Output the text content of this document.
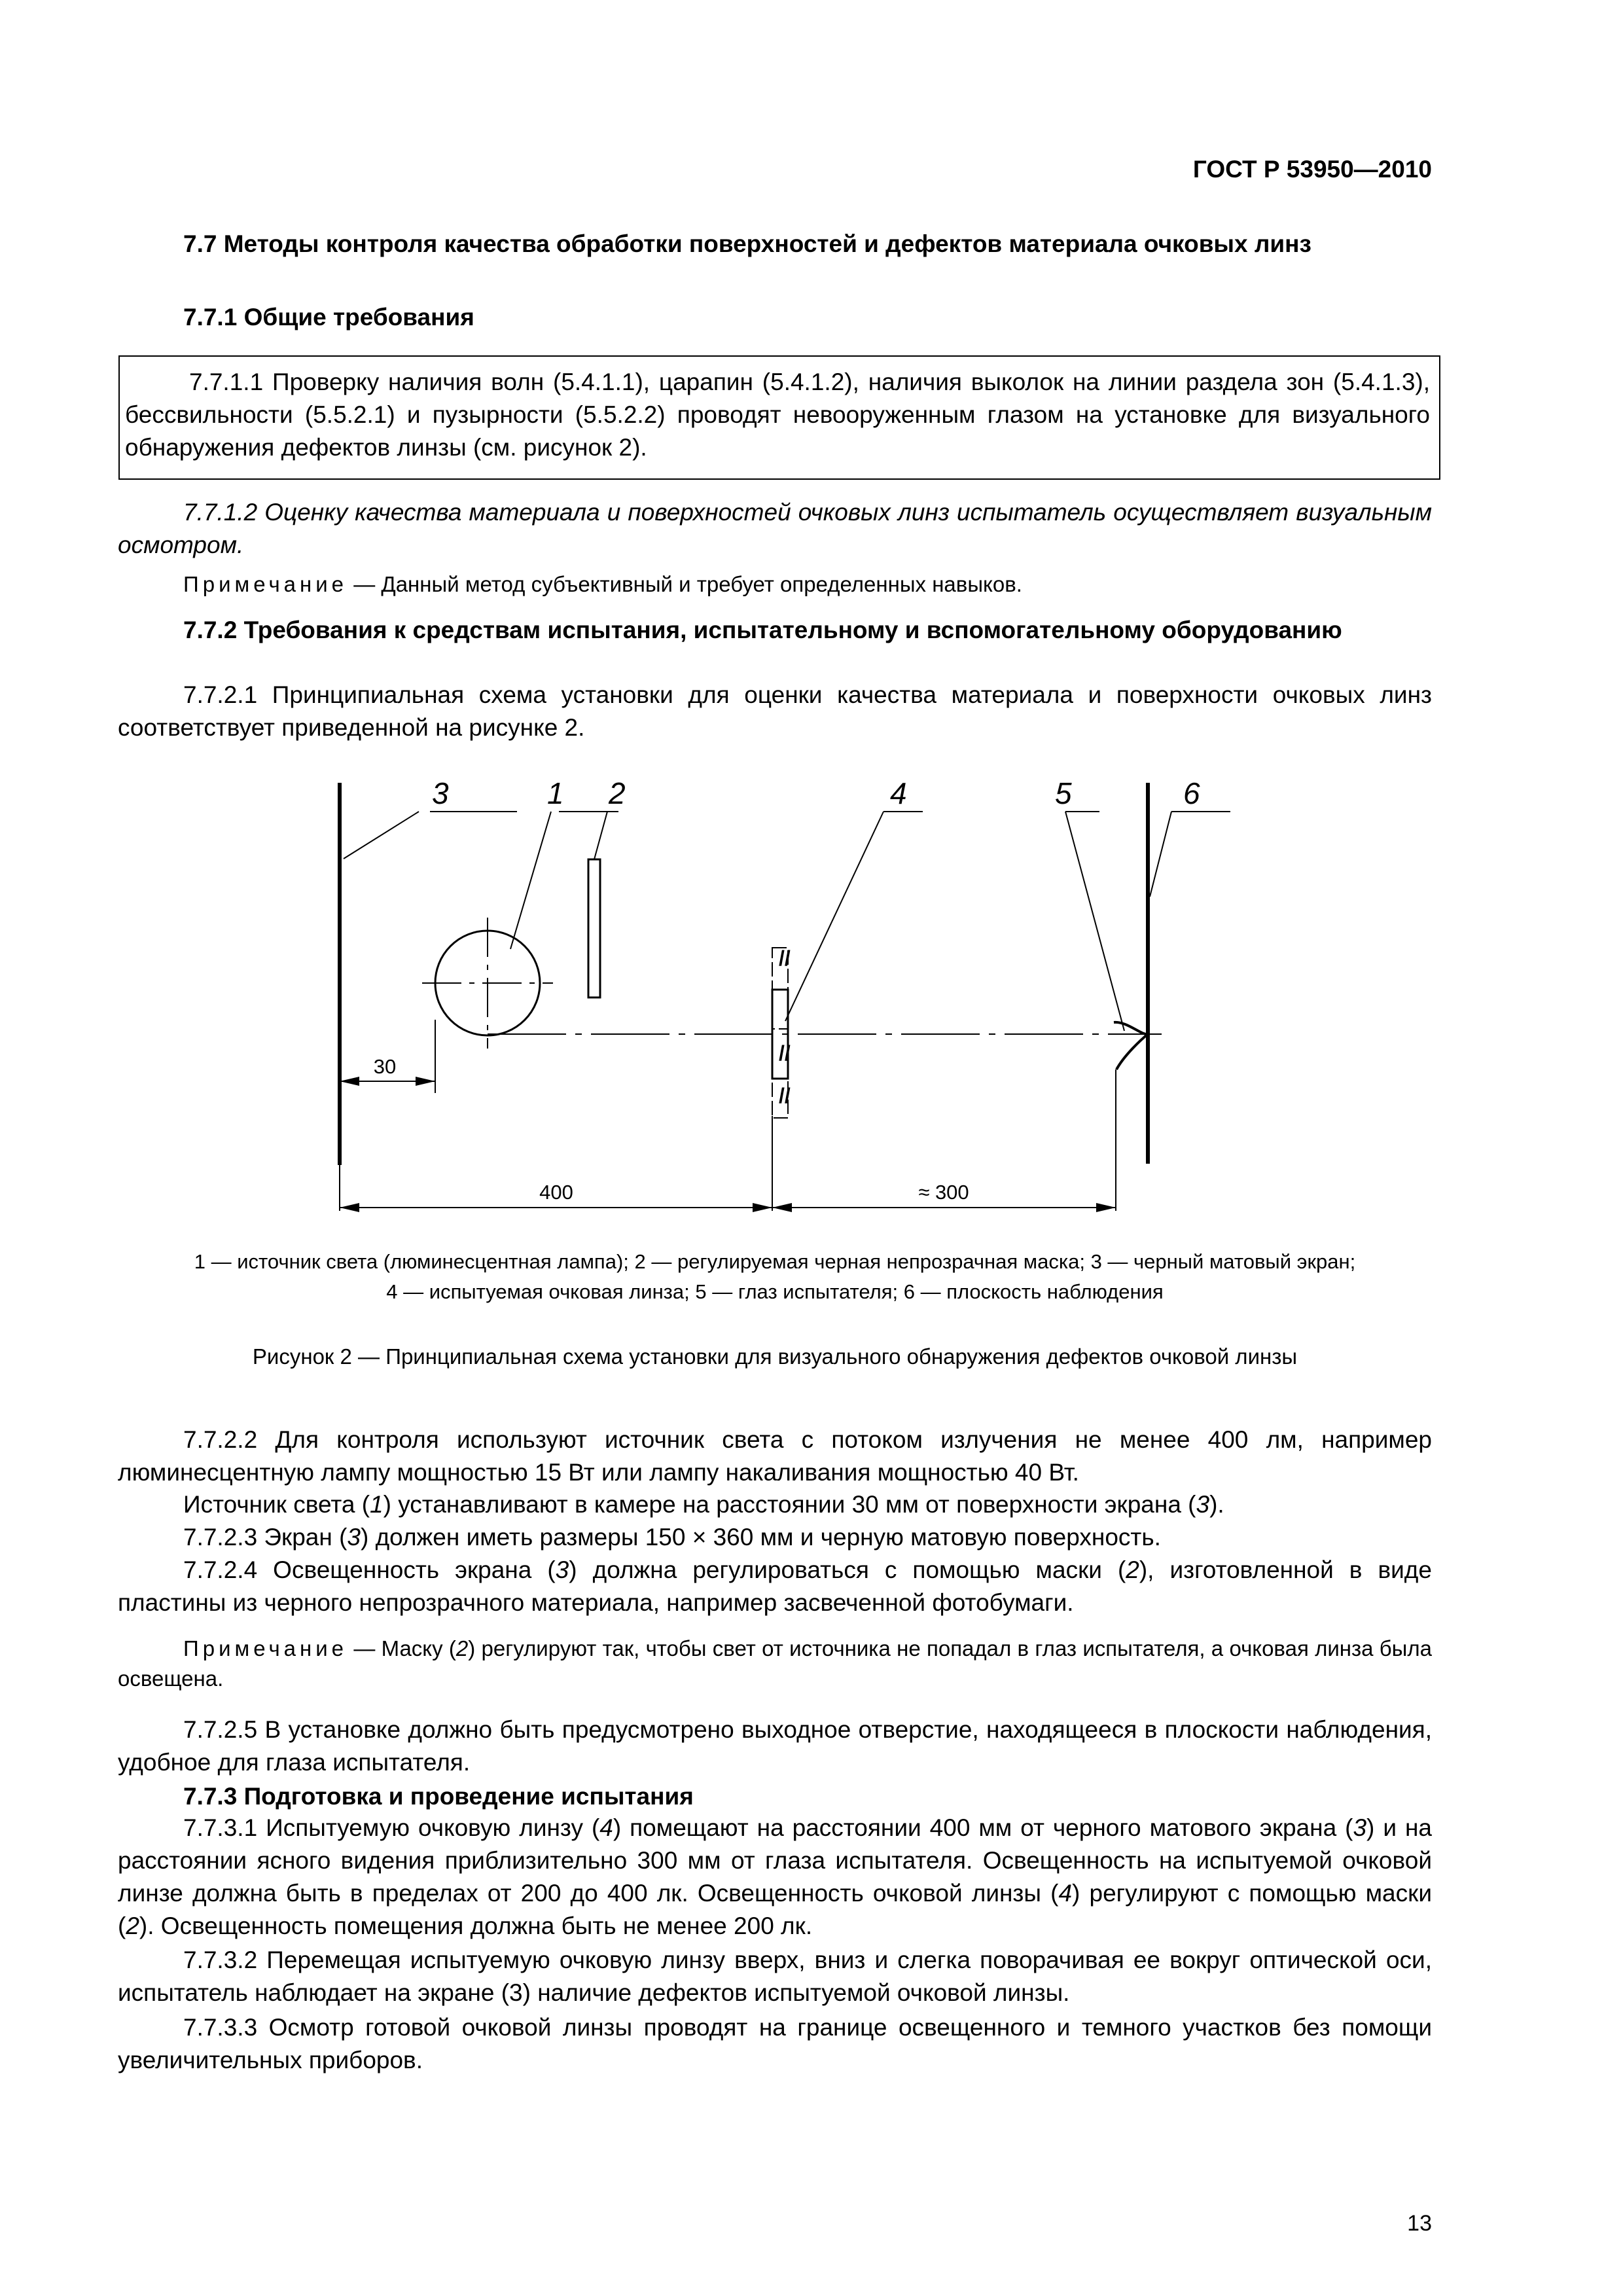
ГОСТ Р 53950—2010
7.7 Методы контроля качества обработки поверхностей и дефектов материала очковых линз
7.7.1 Общие требования
7.7.1.1 Проверку наличия волн (5.4.1.1), царапин (5.4.1.2), наличия выколок на линии раздела зон (5.4.1.3), бессвильности (5.5.2.1) и пузырности (5.5.2.2) проводят невооруженным глазом на установке для визуального обнаружения дефектов линзы (см. рисунок 2).
7.7.1.2 Оценку качества материала и поверхностей очковых линз испытатель осуществляет визуальным осмотром.
Примечание — Данный метод субъективный и требует определенных навыков.
7.7.2 Требования к средствам испытания, испытательному и вспомогательному оборудованию
7.7.2.1 Принципиальная схема установки для оценки качества материала и поверхности очковых линз соответствует приведенной на рисунке 2.
//
//
//
3	1 2	4	5	6
30
400	≈ 300
1 — источник света (люминесцентная лампа); 2 — регулируемая черная непрозрачная маска; 3 — черный матовый экран;
4 — испытуемая очковая линза; 5 — глаз испытателя; 6 — плоскость наблюдения
Рисунок 2 — Принципиальная схема установки для визуального обнаружения дефектов очковой линзы
7.7.2.2 Для контроля используют источник света с потоком излучения не менее 400 лм, например люминесцентную лампу мощностью 15 Вт или лампу накаливания мощностью 40 Вт.
Источник света (1) устанавливают в камере на расстоянии 30 мм от поверхности экрана (3).
7.7.2.3 Экран (3) должен иметь размеры 150 × 360 мм и черную матовую поверхность.
7.7.2.4 Освещенность экрана (3) должна регулироваться с помощью маски (2), изготовленной в виде пластины из черного непрозрачного материала, например засвеченной фотобумаги.
Примечание — Маску (2) регулируют так, чтобы свет от источника не попадал в глаз испытателя, а очковая линза была освещена.
7.7.2.5 В установке должно быть предусмотрено выходное отверстие, находящееся в плоскости наблюдения, удобное для глаза испытателя.
7.7.3 Подготовка и проведение испытания
7.7.3.1 Испытуемую очковую линзу (4) помещают на расстоянии 400 мм от черного матового экрана (3) и на расстоянии ясного видения приблизительно 300 мм от глаза испытателя. Освещенность на испытуемой очковой линзе должна быть в пределах от 200 до 400 лк. Освещенность очковой линзы (4) регулируют с помощью маски (2). Освещенность помещения должна быть не менее 200 лк.
7.7.3.2 Перемещая испытуемую очковую линзу вверх, вниз и слегка поворачивая ее вокруг оптической оси, испытатель наблюдает на экране (3) наличие дефектов испытуемой очковой линзы.
7.7.3.3 Осмотр готовой очковой линзы проводят на границе освещенного и темного участков без помощи увеличительных приборов.
13
